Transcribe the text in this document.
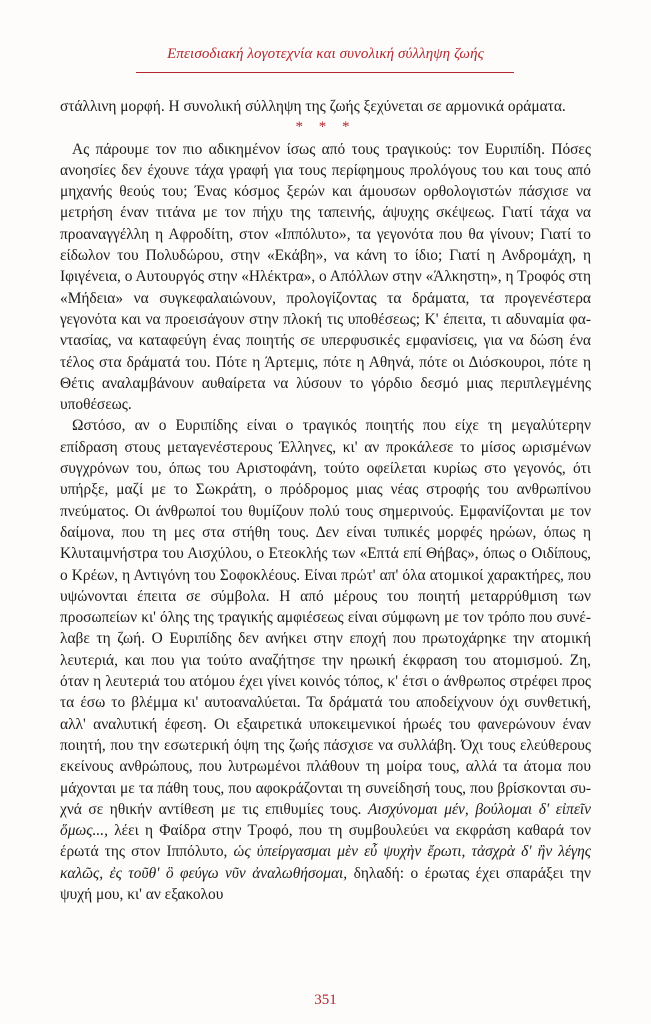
Επεισοδιακή λογοτεχνία και συνολική σύλληψη ζωής

στάλλινη μορφή. Η συνολική σύλληψη της ζωής ξεχύνεται σε αρμονικά οράματα.

* * *

Ας πάρουμε τον πιο αδικημένον ίσως από τους τραγικούς: τον Ευριπίδη. Πόσες ανοησίες δεν έχουνε τάχα γραφή για τους περίφημους προλόγους του και τους από μηχανής θεούς του; Ένας κόσμος ξερών και άμουσων ορθολογιστών πάσχισε να μετρήση έναν τιτάνα με τον πήχυ της ταπεινής, άψυχης σκέψεως. Γιατί τάχα να προαναγγέλλη η Αφροδίτη, στον «Ιππόλυτο», τα γεγονότα που θα γίνουν; Γιατί το είδωλον του Πολυδώρου, στην «Εκάβη», να κάνη το ίδιο; Γιατί η Ανδρομάχη, η Ιφιγένεια, ο Αυτουργός στην «Ηλέκτρα», ο Απόλλων στην «Άλκηστη», η Τροφός στη «Μήδεια» να συγκεφαλαιώνουν, προλογίζοντας τα δράματα, τα προγενέστερα γεγονότα και να προεισάγουν στην πλοκή τις υποθέσεως; Κ' έπειτα, τι αδυναμία φαντασίας, να καταφεύγη ένας ποιητής σε υπερφυσικές εμφανίσεις, για να δώση ένα τέλος στα δράματά του. Πότε η Άρτεμις, πότε η Αθηνά, πότε οι Διόσκουροι, πότε η Θέτις αναλαμβάνουν αυθαίρετα να λύσουν το γόρδιο δεσμό μιας περιπλεγμένης υποθέσεως.

Ωστόσο, αν ο Ευριπίδης είναι ο τραγικός ποιητής που είχε τη μεγαλύτερην επίδραση στους μεταγενέστερους Έλληνες, κι' αν προκάλεσε το μίσος ωρισμένων συγχρόνων του, όπως του Αριστοφάνη, τούτο οφείλεται κυρίως στο γεγονός, ότι υπήρξε, μαζί με το Σωκράτη, ο πρόδρομος μιας νέας στροφής του ανθρωπίνου πνεύματος. Οι άνθρωποί του θυμίζουν πολύ τους σημερινούς. Εμφανίζονται με τον δαίμονα, που τη μες στα στήθη τους. Δεν είναι τυπικές μορφές ηρώων, όπως η Κλυταιμνήστρα του Αισχύλου, ο Ετεοκλής των «Επτά επί Θήβας», όπως ο Οιδίπους, ο Κρέων, η Αντιγόνη του Σοφοκλέους. Είναι πρώτ' απ' όλα ατομικοί χαρακτήρες, που υψώνονται έπειτα σε σύμβολα. Η από μέρους του ποιητή μεταρρύθμιση των προσωπείων κι' όλης της τραγικής αμφιέσεως είναι σύμφωνη με τον τρόπο που συνέλαβε τη ζωή. Ο Ευριπίδης δεν ανήκει στην εποχή που πρωτοχάρηκε την ατομική λευτεριά, και που για τούτο αναζήτησε την ηρωική έκφραση του ατομισμού. Ζη, όταν η λευτεριά του ατόμου έχει γίνει κοινός τόπος, κ' έτσι ο άνθρωπος στρέφει προς τα έσω το βλέμμα κι' αυτοαναλύεται. Τα δράματά του αποδείχνουν όχι συνθετική, αλλ' αναλυτική έφεση. Οι εξαιρετικά υποκειμενικοί ήρωές του φανερώνουν έναν ποιητή, που την εσωτερική όψη της ζωής πάσχισε να συλλάβη. Όχι τους ελεύθερους εκείνους ανθρώπους, που λυτρωμένοι πλάθουν τη μοίρα τους, αλλά τα άτομα που μάχονται με τα πάθη τους, που αφοκράζονται τη συνείδησή τους, που βρίσκονται συχνά σε ηθικήν αντίθεση με τις επιθυμίες τους. Αισχύνομαι μέν, βούλομαι δ' εἰπεῖν ὅμως..., λέει η Φαίδρα στην Τροφό, που τη συμβουλεύει να εκφράση καθαρά τον έρωτά της στον Ιππόλυτο, ὡς ὑπείργασμαι μὲν εὖ ψυχὴν ἔρωτι, τἀσχρὰ δ' ἢν λέγης καλῶς, ἐς τοῦθ' ὃ φεύγω νῦν ἀναλωθήσομαι, δηλαδή: ο έρωτας έχει σπαράξει την ψυχή μου, κι' αν εξακολου

351
